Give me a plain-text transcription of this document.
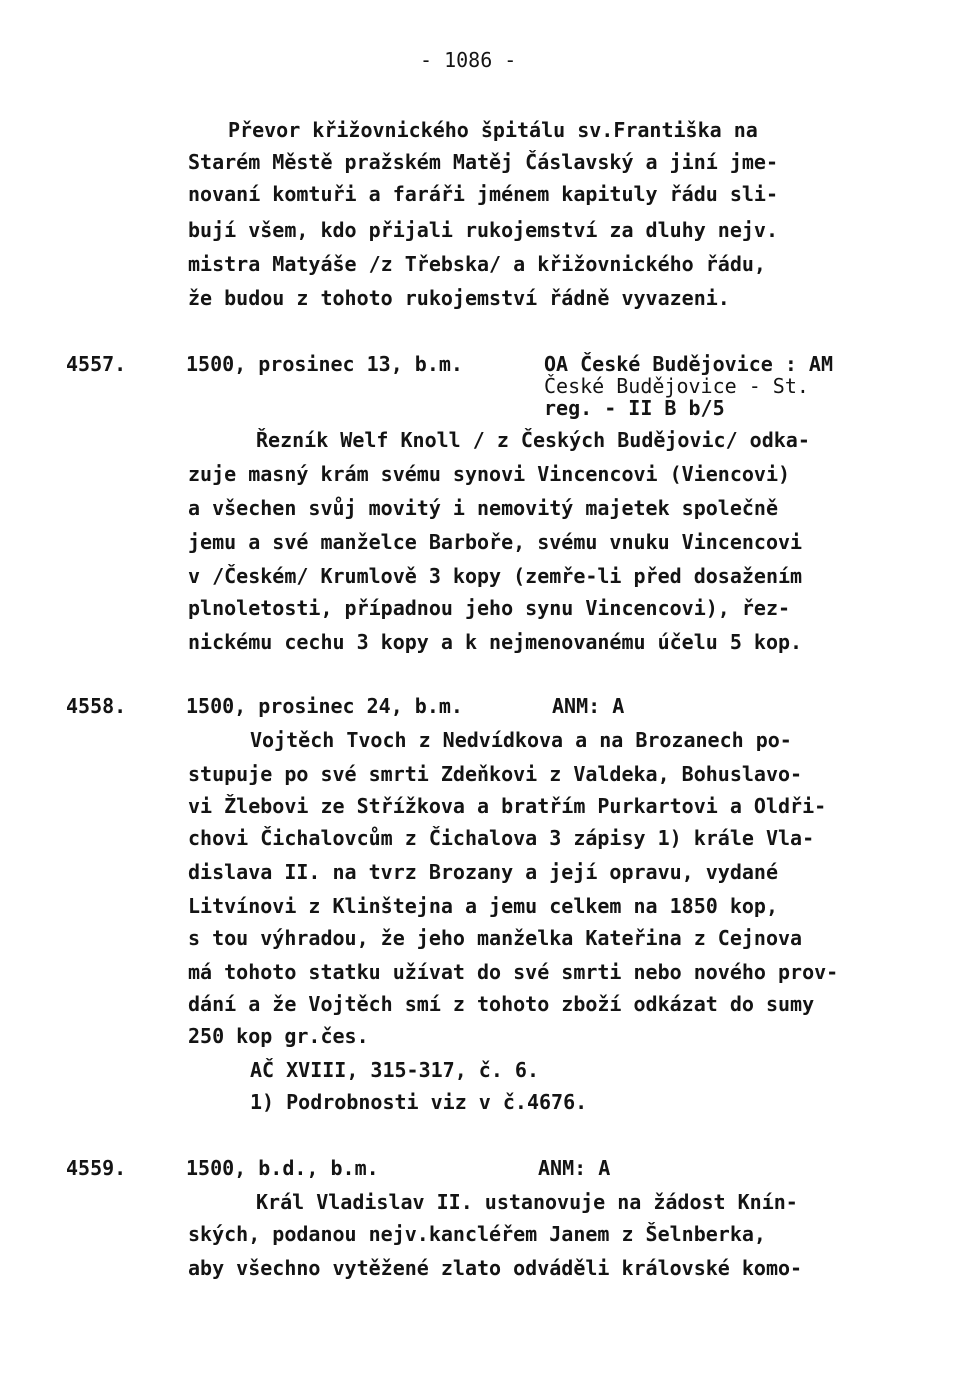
- 1086 -
Převor křižovnického špitálu sv.Františka na
Starém Městě pražském Matěj Čáslavský a jiní jme-
novaní komtuři a faráři jménem kapituly řádu sli-
bují všem, kdo přijali rukojemství za dluhy nejv.
mistra Matyáše /z Třebska/ a křižovnického řádu,
že budou z tohoto rukojemství řádně vyvazeni.
4557.	1500, prosinec 13, b.m.	OA České Budějovice : AM
České Budějovice - St.
reg. - II B b/5
Řezník Welf Knoll / z Českých Budějovic/ odka-
zuje masný krám svému synovi Vincencovi (Viencovi)
a všechen svůj movitý i nemovitý majetek společně
jemu a své manželce Barboře, svému vnuku Vincencovi
v /Českém/ Krumlově 3 kopy (zemře-li před dosažením
plnoletosti, případnou jeho synu Vincencovi), řez-
nickému cechu 3 kopy a k nejmenovanému účelu 5 kop.
4558.	1500, prosinec 24, b.m.	ANM: A
Vojtěch Tvoch z Nedvídkova a na Brozanech po-
stupuje po své smrti Zdeňkovi z Valdeka, Bohuslavo-
vi Žlebovi ze Střížkova a bratřím Purkartovi a Oldři-
chovi Čichalovcům z Čichalova 3 zápisy 1) krále Vla-
dislava II. na tvrz Brozany a její opravu, vydané
Litvínovi z Klinštejna a jemu celkem na 1850 kop,
s tou výhradou, že jeho manželka Kateřina z Cejnova
má tohoto statku užívat do své smrti nebo nového prov-
dání a že Vojtěch smí z tohoto zboží odkázat do sumy
250 kop gr.čes.
AČ XVIII, 315-317, č. 6.
1) Podrobnosti viz v č.4676.
4559.	1500, b.d., b.m.	ANM: A
Král Vladislav II. ustanovuje na žádost Knín-
ských, podanou nejv.kancléřem Janem z Šelnberka,
aby všechno vytěžené zlato odváděli královské komo-
